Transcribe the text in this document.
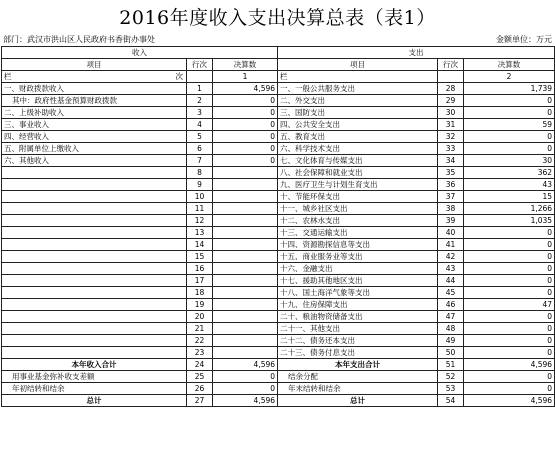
2016年度收入支出决算总表（表1）
部门：武汉市洪山区人民政府书香街办事处	金额单位：万元
收入			支出		
项目	行次	决算数	项目	行次	决算数
栏 次		1	栏		2
一、财政拨款收入	1	4,596	一、一般公共服务支出	28	1,739
其中：政府性基金预算财政拨款	2	0	二、外交支出	29	0
二、上级补助收入	3	0	三、国防支出	30	0
三、事业收入	4	0	四、公共安全支出	31	59
四、经营收入	5	0	五、教育支出	32	0
五、附属单位上缴收入	6	0	六、科学技术支出	33	0
六、其他收入	7	0	七、文化体育与传媒支出	34	30
	8		八、社会保障和就业支出	35	362
	9		九、医疗卫生与计划生育支出	36	43
	10		十、节能环保支出	37	15
	11		十一、城乡社区支出	38	1,266
	12		十二、农林水支出	39	1,035
	13		十三、交通运输支出	40	0
	14		十四、资源勘探信息等支出	41	0
	15		十五、商业服务业等支出	42	0
	16		十六、金融支出	43	0
	17		十七、援助其他地区支出	44	0
	18		十八、国土海洋气象等支出	45	0
	19		十九、住房保障支出	46	47
	20		二十、粮油物资储备支出	47	0
	21		二十一、其他支出	48	0
	22		二十二、债务还本支出	49	0
	23		二十三、债务付息支出	50	0
本年收入合计	24	4,596	本年支出合计	51	4,596
用事业基金弥补收支差额	25	0	结余分配	52	0
年初结转和结余	26	0	年末结转和结余	53	0
总计	27	4,596	总计	54	4,596
